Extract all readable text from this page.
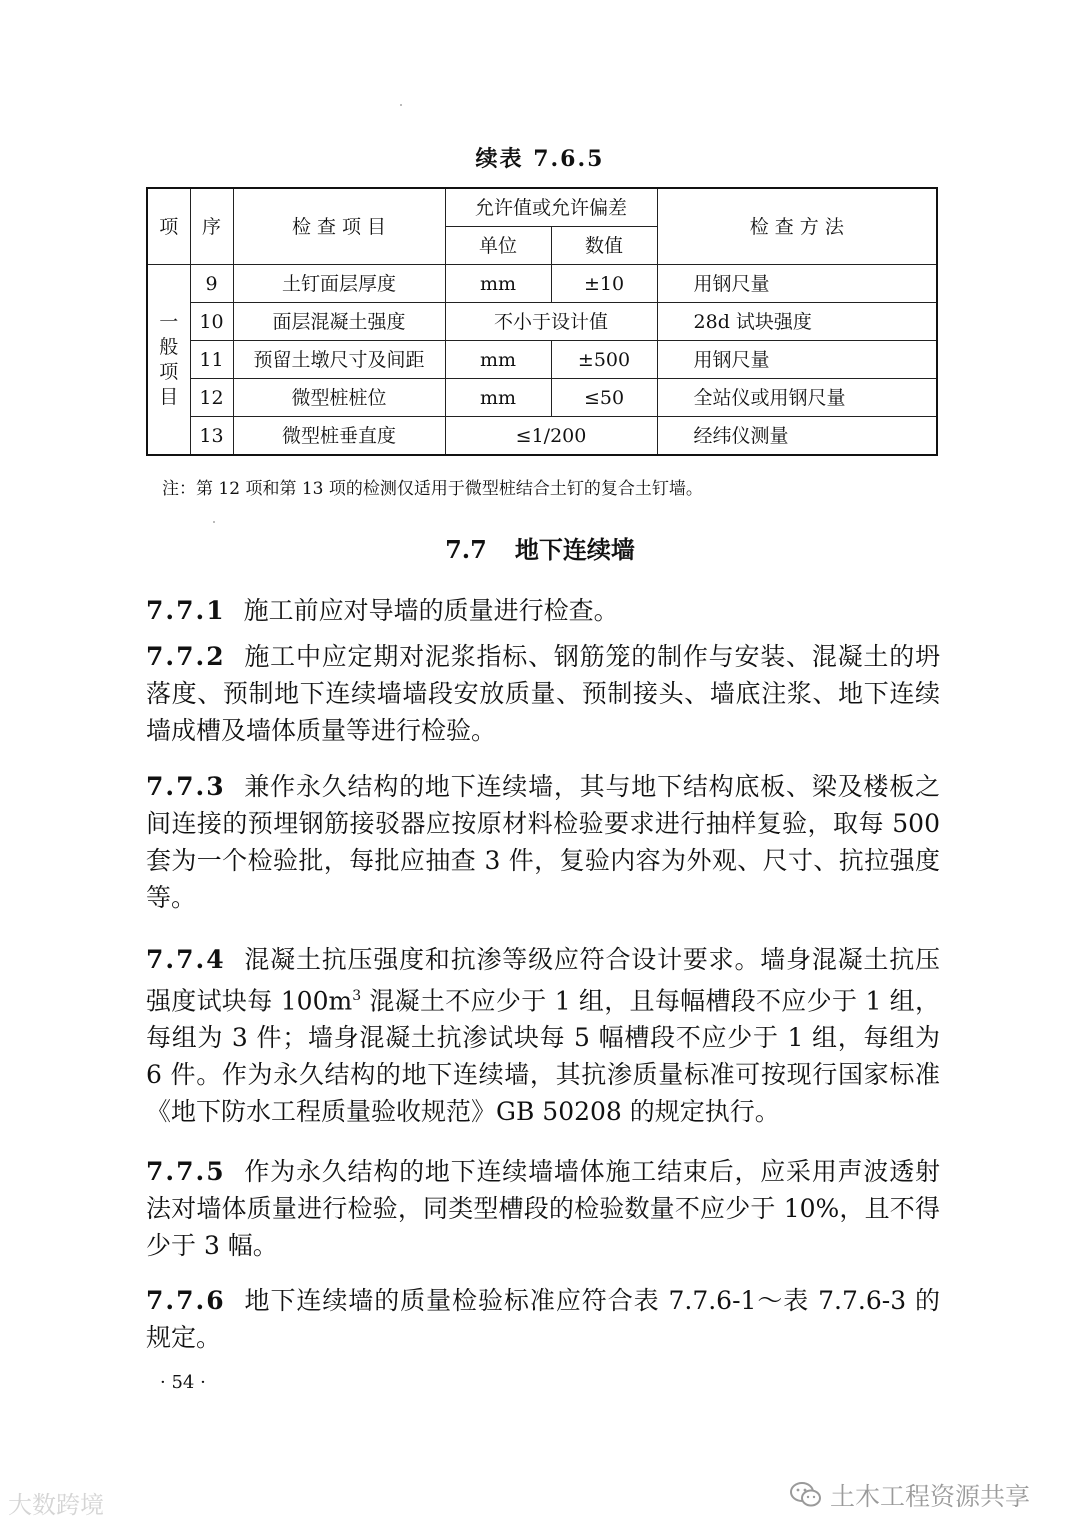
续表 7.6.5
项	序	检 查 项 目	允许值或允许偏差		检 查 方 法
			单位	数值	

一
般
项
目	9	土钉面层厚度	mm	±10	用钢尺量
	10	面层混凝土强度	不小于设计值		28d 试块强度
	11	预留土墩尺寸及间距	mm	±500	用钢尺量
	12	微型桩桩位	mm	≤50	全站仪或用钢尺量
	13	微型桩垂直度	≤1/200		经纬仪测量
注：第 12 项和第 13 项的检测仅适用于微型桩结合土钉的复合土钉墙。
7.7 地下连续墙
7.7.1 施工前应对导墙的质量进行检查。
7.7.2 施工中应定期对泥浆指标、钢筋笼的制作与安装、混凝土的坍落度、预制地下连续墙墙段安放质量、预制接头、墙底注浆、地下连续墙成槽及墙体质量等进行检验。
7.7.3 兼作永久结构的地下连续墙，其与地下结构底板、梁及楼板之间连接的预埋钢筋接驳器应按原材料检验要求进行抽样复验，取每 500 套为一个检验批，每批应抽查 3 件，复验内容为外观、尺寸、抗拉强度等。
7.7.4 混凝土抗压强度和抗渗等级应符合设计要求。墙身混凝土抗压强度试块每 $100m^3$ 混凝土不应少于 1 组，且每幅槽段不应少于 1 组，每组为 3 件；墙身混凝土抗渗试块每 5 幅槽段不应少于 1 组，每组为 6 件。作为永久结构的地下连续墙，其抗渗质量标准可按现行国家标准《地下防水工程质量验收规范》GB 50208 的规定执行。
7.7.5 作为永久结构的地下连续墙墙体施工结束后，应采用声波透射法对墙体质量进行检验，同类型槽段的检验数量不应少于 10%，且不得少于 3 幅。
7.7.6 地下连续墙的质量检验标准应符合表 7.7.6-1～表 7.7.6-3 的规定。
· 54 ·
大数跨境	土木工程资源共享
